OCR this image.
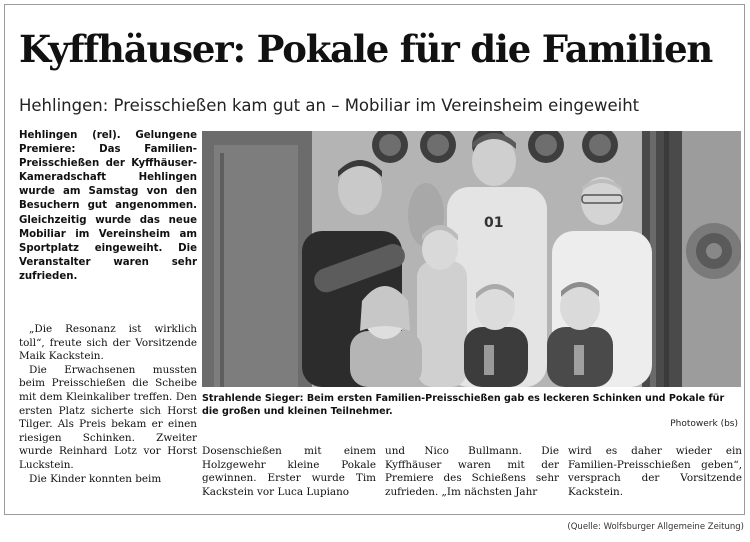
Kyffhäuser: Pokale für die Familien
Hehlingen: Preisschießen kam gut an – Mobiliar im Vereinsheim eingeweiht
Hehlingen (rel). Gelungene Premiere: Das Familien-Preisschießen der Kyffhäuser-Kameradschaft Hehlingen wurde am Samstag von den Besuchern gut angenommen. Gleichzeitig wurde das neue Mobiliar im Vereinsheim am Sportplatz eingeweiht. Die Veranstalter waren sehr zufrieden.

„Die Resonanz ist wirklich toll“, freute sich der Vorsitzende Maik Kackstein.

Die Erwachsenen mussten beim Preisschießen die Scheibe mit dem Kleinkaliber treffen. Den ersten Platz sicherte sich Horst Tilger. Als Preis bekam er einen riesigen Schinken. Zweiter wurde Reinhard Lotz vor Horst Luckstein.

Die Kinder konnten beim

01
Strahlende Sieger: Beim ersten Familien-Preisschießen gab es leckeren Schinken und Pokale für die großen und kleinen Teilnehmer.
Photowerk (bs)

Dosenschießen mit einem Holzgewehr kleine Pokale gewinnen. Erster wurde Tim Kackstein vor Luca Lupiano

und Nico Bullmann. Die Kyffhäuser waren mit der Premiere des Schießens sehr zufrieden. „Im nächsten Jahr

wird es daher wieder ein Familien-Preisschießen geben“, versprach der Vorsitzende Kackstein.

(Quelle: Wolfsburger Allgemeine Zeitung)
